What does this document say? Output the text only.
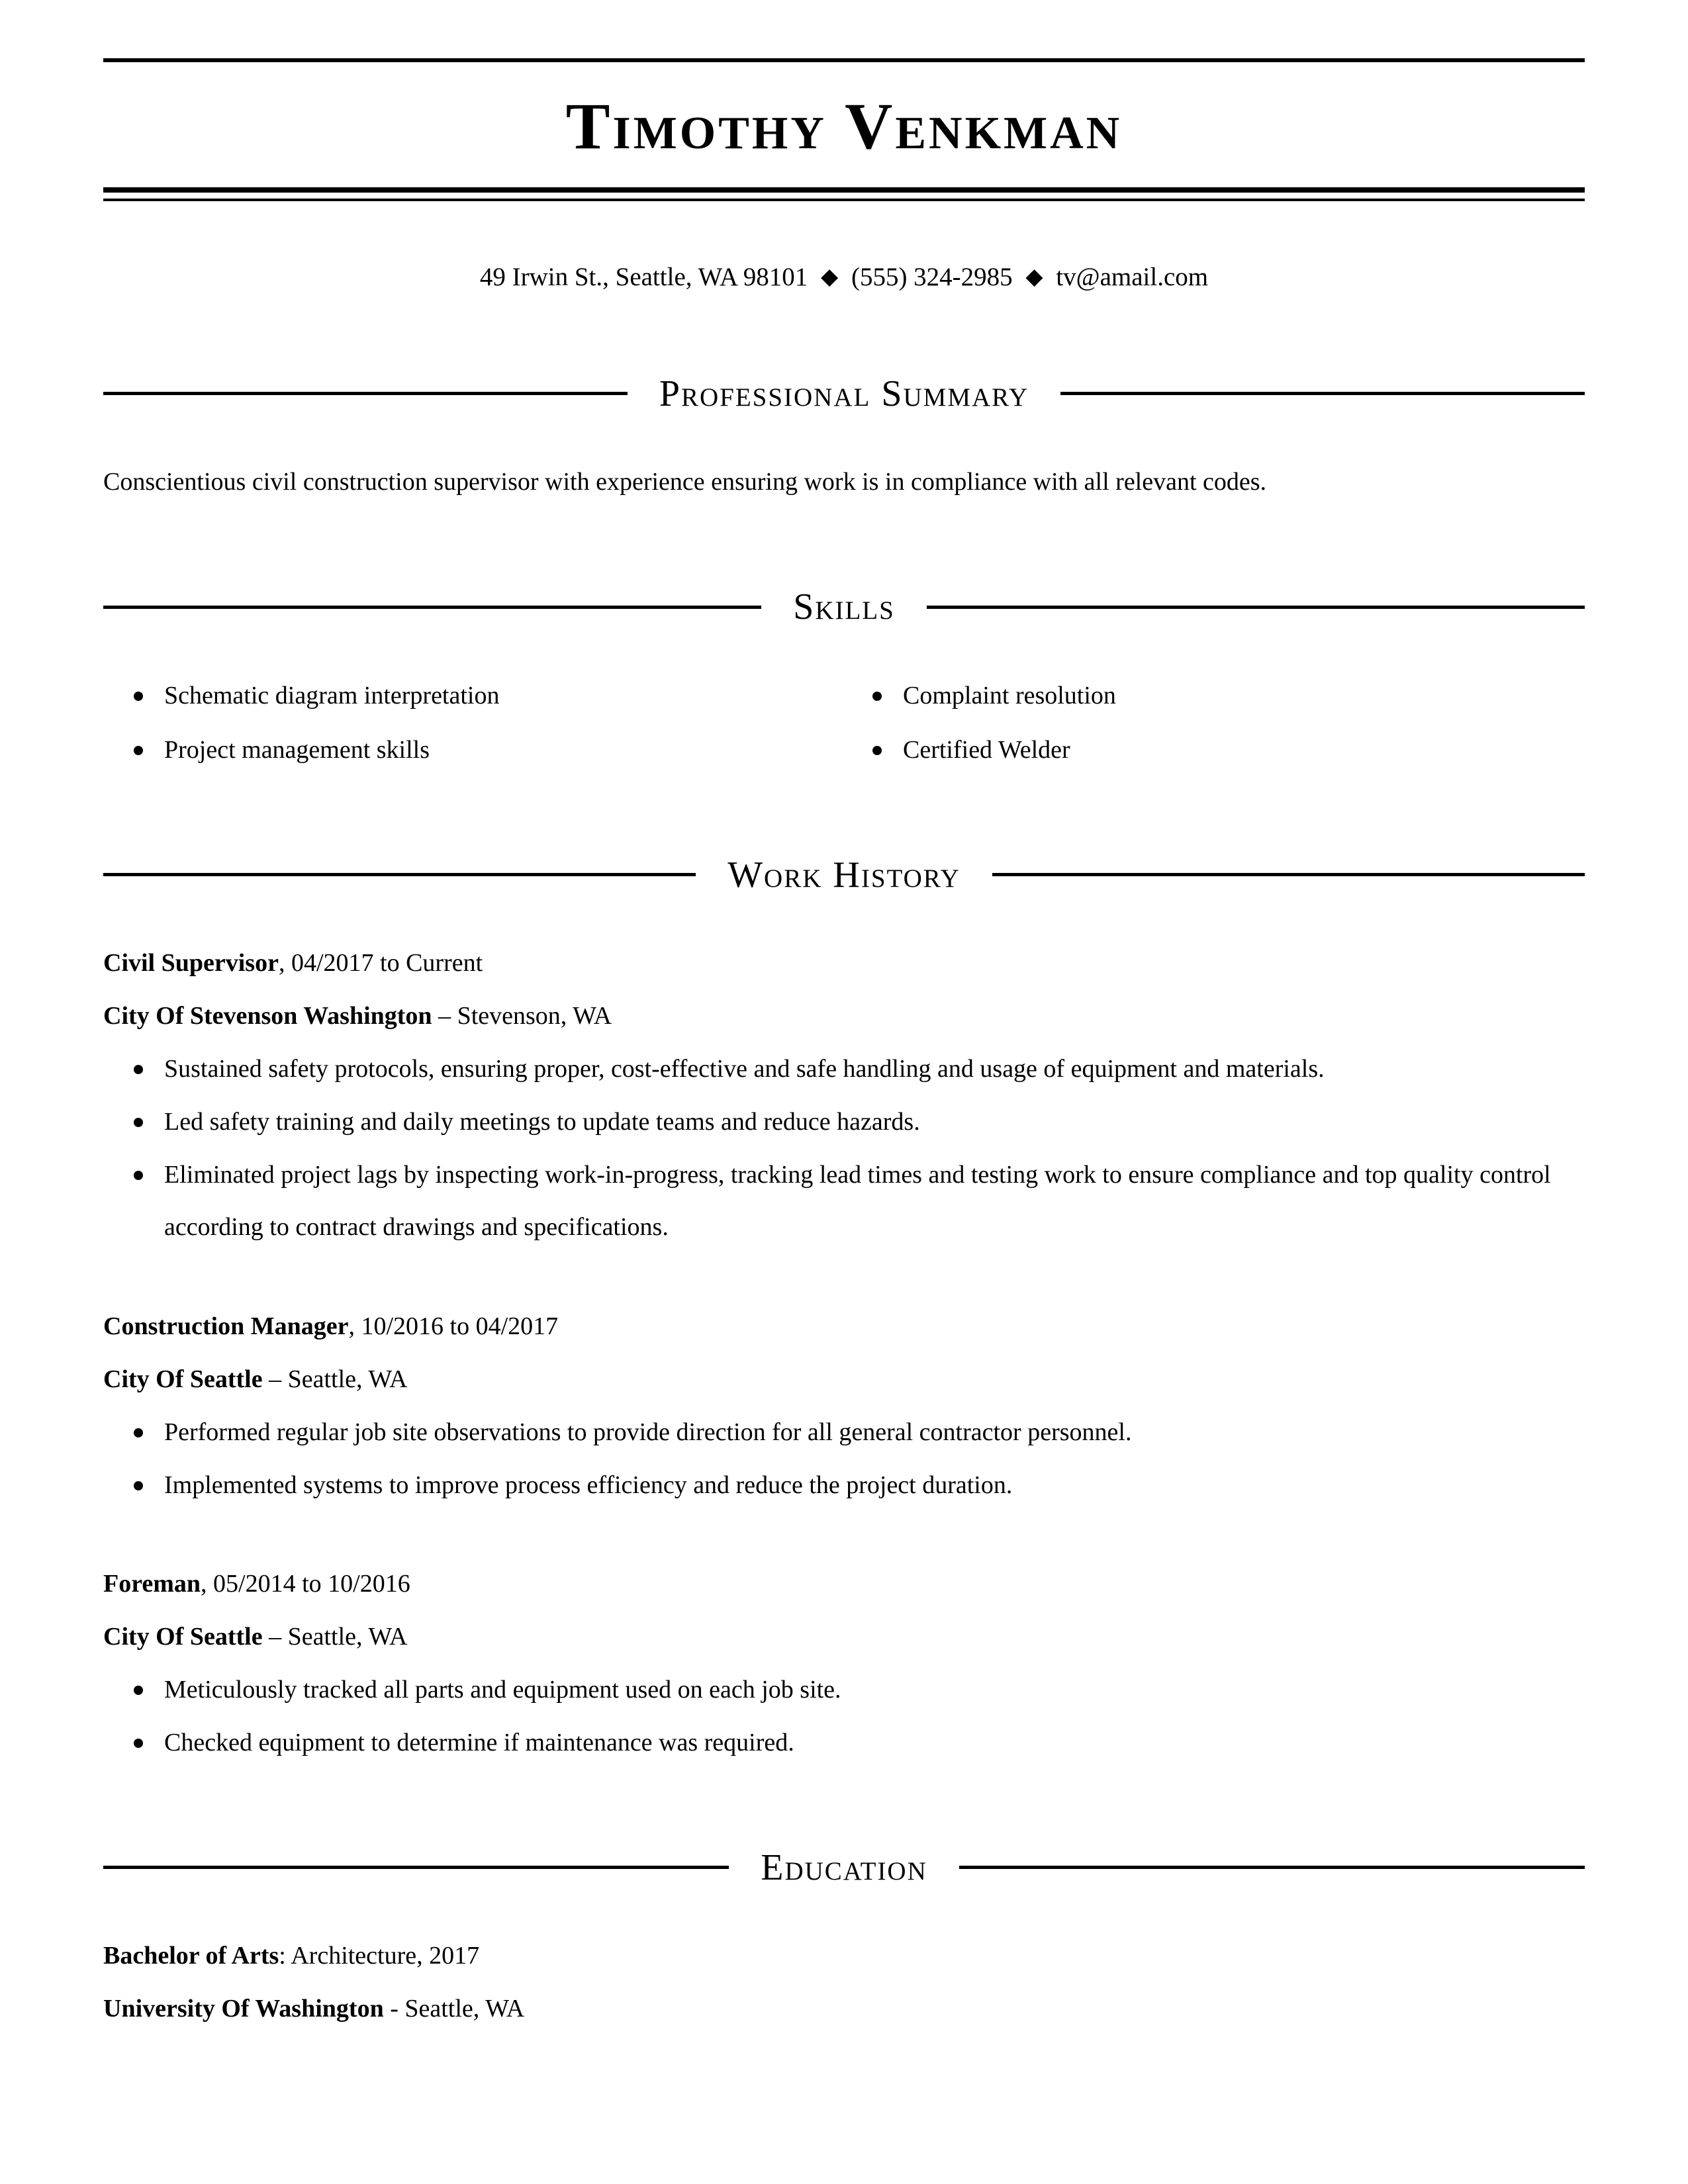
Timothy Venkman
49 Irwin St., Seattle, WA 98101 ◆ (555) 324-2985 ◆ tv@amail.com
Professional Summary

Conscientious civil construction supervisor with experience ensuring work is in compliance with all relevant codes.

Skills
Schematic diagram interpretation	Complaint resolution
Project management skills	Certified Welder
Work History
Civil Supervisor, 04/2017 to Current
City Of Stevenson Washington – Stevenson, WA
Sustained safety protocols, ensuring proper, cost-effective and safe handling and usage of equipment and materials.
Led safety training and daily meetings to update teams and reduce hazards.
Eliminated project lags by inspecting work-in-progress, tracking lead times and testing work to ensure compliance and top quality control according to contract drawings and specifications.
Construction Manager, 10/2016 to 04/2017
City Of Seattle – Seattle, WA
Performed regular job site observations to provide direction for all general contractor personnel.
Implemented systems to improve process efficiency and reduce the project duration.
Foreman, 05/2014 to 10/2016
City Of Seattle – Seattle, WA
Meticulously tracked all parts and equipment used on each job site.
Checked equipment to determine if maintenance was required.
Education

Bachelor of Arts: Architecture, 2017

University Of Washington - Seattle, WA
